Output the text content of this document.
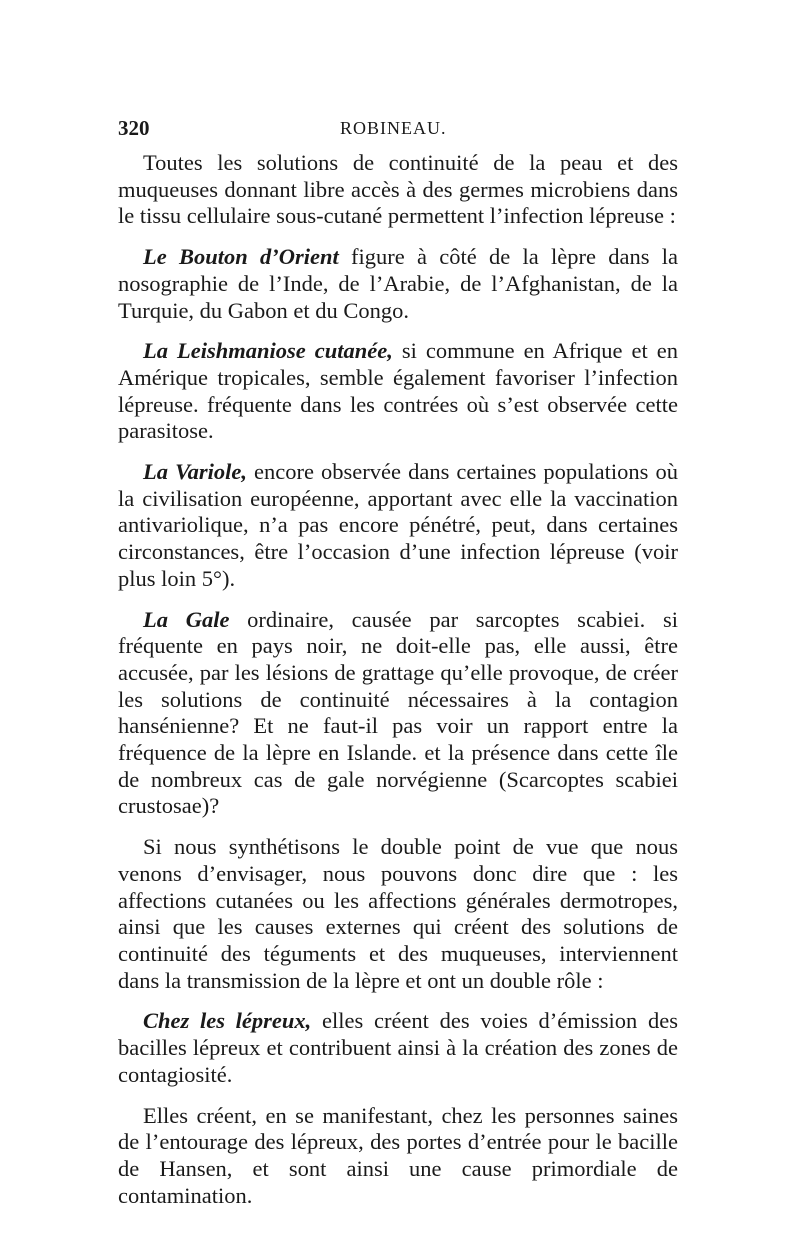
320	ROBINEAU.

Toutes les solutions de continuité de la peau et des muqueuses donnant libre accès à des germes microbiens dans le tissu cellulaire sous-cutané permettent l’infection lépreuse :

Le Bouton d’Orient figure à côté de la lèpre dans la nosographie de l’Inde, de l’Arabie, de l’Afghanistan, de la Turquie, du Gabon et du Congo.

La Leishmaniose cutanée, si commune en Afrique et en Amérique tropicales, semble également favoriser l’infection lépreuse. fréquente dans les contrées où s’est observée cette parasitose.

La Variole, encore observée dans certaines populations où la civilisation européenne, apportant avec elle la vaccination antivariolique, n’a pas encore pénétré, peut, dans certaines circonstances, être l’occasion d’une infection lépreuse (voir plus loin 5°).

La Gale ordinaire, causée par sarcoptes scabiei. si fréquente en pays noir, ne doit-elle pas, elle aussi, être accusée, par les lésions de grattage qu’elle provoque, de créer les solutions de continuité nécessaires à la contagion hansénienne? Et ne faut-il pas voir un rapport entre la fréquence de la lèpre en Islande. et la présence dans cette île de nombreux cas de gale norvégienne (Scarcoptes scabiei crustosae)?

Si nous synthétisons le double point de vue que nous venons d’envisager, nous pouvons donc dire que : les affections cutanées ou les affections générales dermotropes, ainsi que les causes externes qui créent des solutions de continuité des téguments et des muqueuses, interviennent dans la transmission de la lèpre et ont un double rôle :

Chez les lépreux, elles créent des voies d’émission des bacilles lépreux et contribuent ainsi à la création des zones de contagiosité.

Elles créent, en se manifestant, chez les personnes saines de l’entourage des lépreux, des portes d’entrée pour le bacille de Hansen, et sont ainsi une cause primordiale de contamination.
